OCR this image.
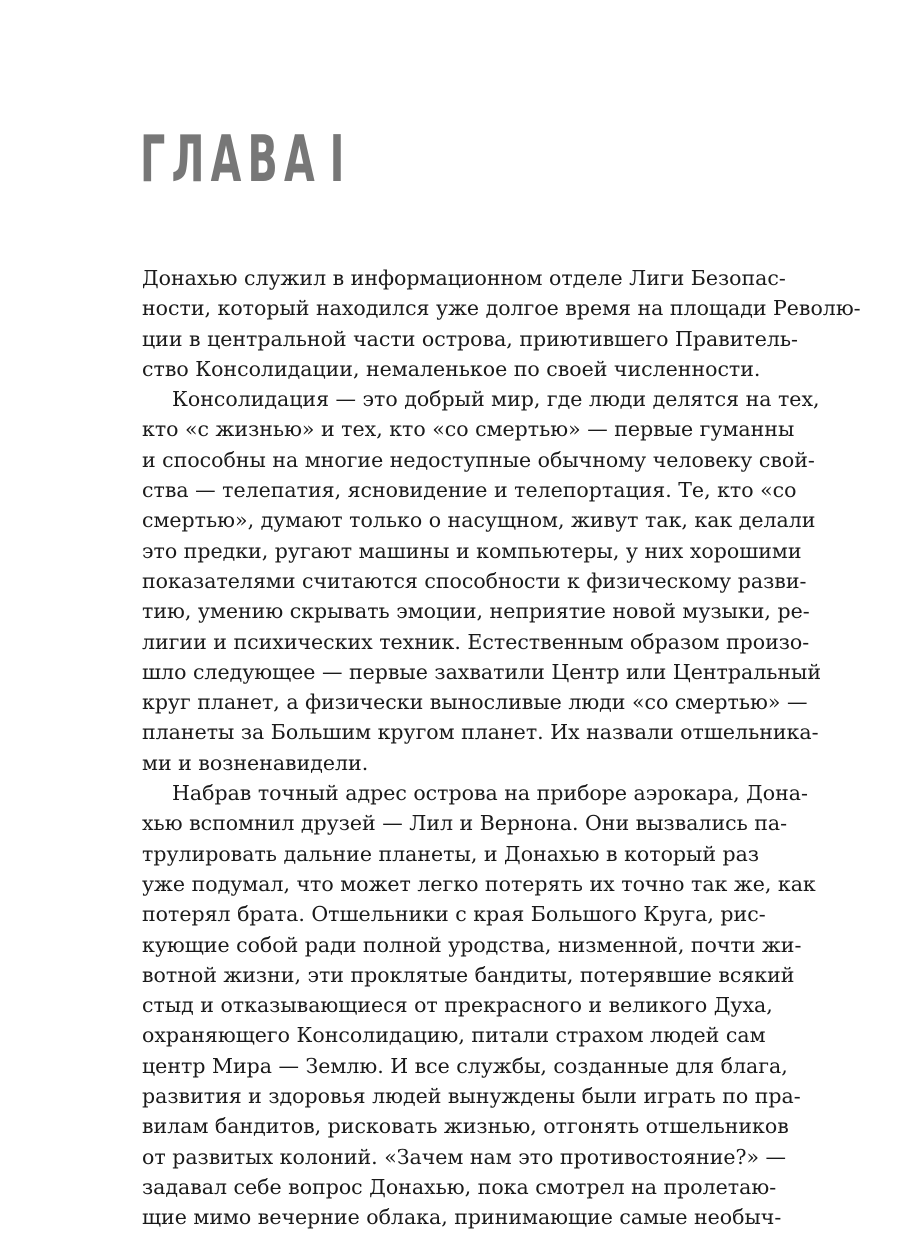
ГЛАВА I
Донахью служил в информационном отделе Лиги Безопас-
ности, который находился уже долгое время на площади Револю-
ции в центральной части острова, приютившего Правитель-
ство Консолидации, немаленькое по своей численности.
Консолидация — это добрый мир, где люди делятся на тех,
кто «с жизнью» и тех, кто «со смертью» — первые гуманны
и способны на многие недоступные обычному человеку свой-
ства — телепатия, ясновидение и телепортация. Те, кто «со
смертью», думают только о насущном, живут так, как делали
это предки, ругают машины и компьютеры, у них хорошими
показателями считаются способности к физическому разви-
тию, умению скрывать эмоции, неприятие новой музыки, ре-
лигии и психических техник. Естественным образом произо-
шло следующее — первые захватили Центр или Центральный
круг планет, а физически выносливые люди «со смертью» —
планеты за Большим кругом планет. Их назвали отшельника-
ми и возненавидели.
Набрав точный адрес острова на приборе аэрокара, Дона-
хью вспомнил друзей — Лил и Вернона. Они вызвались па-
трулировать дальние планеты, и Донахью в который раз
уже подумал, что может легко потерять их точно так же, как
потерял брата. Отшельники с края Большого Круга, рис-
кующие собой ради полной уродства, низменной, почти жи-
вотной жизни, эти проклятые бандиты, потерявшие всякий
стыд и отказывающиеся от прекрасного и великого Духа,
охраняющего Консолидацию, питали страхом людей сам
центр Мира — Землю. И все службы, созданные для блага,
развития и здоровья людей вынуждены были играть по пра-
вилам бандитов, рисковать жизнью, отгонять отшельников
от развитых колоний. «Зачем нам это противостояние?» —
задавал себе вопрос Донахью, пока смотрел на пролетаю-
щие мимо вечерние облака, принимающие самые необыч-
